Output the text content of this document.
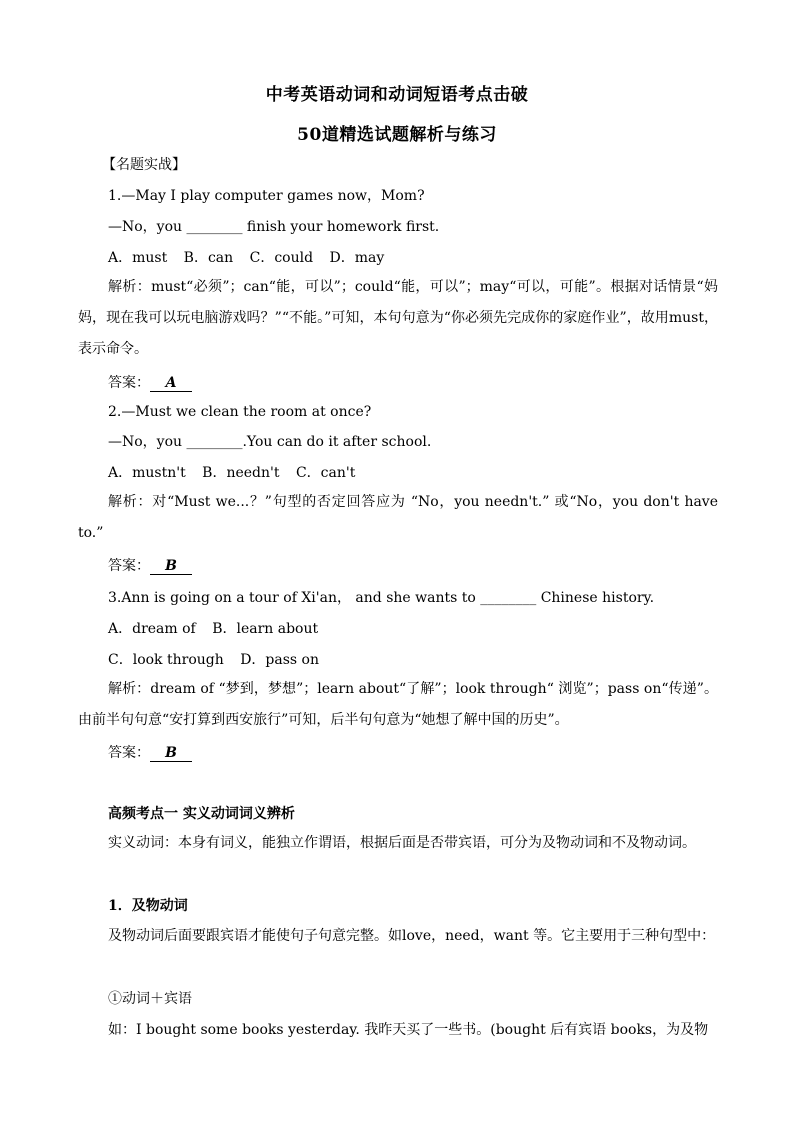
中考英语动词和动词短语考点击破
50道精选试题解析与练习
【名题实战】
1.—May I play computer games now，Mom?
—No，you ________ finish your homework first.
A．must B．can C．could D．may
解析：must“必须”；can“能，可以”；could“能，可以”；may“可以，可能”。根据对话情景“妈妈，现在我可以玩电脑游戏吗？”“不能。”可知，本句句意为“你必须先完成你的家庭作业”，故用must，表示命令。
答案： A
2.—Must we clean the room at once?
—No，you ________.You can do it after school.
A．mustn't B．needn't C．can't
解析：对“Must we...？”句型的否定回答应为 “No，you needn't.” 或“No，you don't have to.”
答案： B
3.Ann is going on a tour of Xi'an， and she wants to ________ Chinese history.
A．dream of B．learn about
C．look through D．pass on
解析：dream of “梦到，梦想”；learn about“了解”；look through“ 浏览”；pass on“传递”。由前半句句意“安打算到西安旅行”可知，后半句句意为“她想了解中国的历史”。
答案： B
高频考点一 实义动词词义辨析
实义动词：本身有词义，能独立作谓语，根据后面是否带宾语，可分为及物动词和不及物动词。
1．及物动词
及物动词后面要跟宾语才能使句子句意完整。如love，need，want 等。它主要用于三种句型中：
①动词＋宾语
如：I bought some books yesterday. 我昨天买了一些书。(bought 后有宾语 books，为及物
